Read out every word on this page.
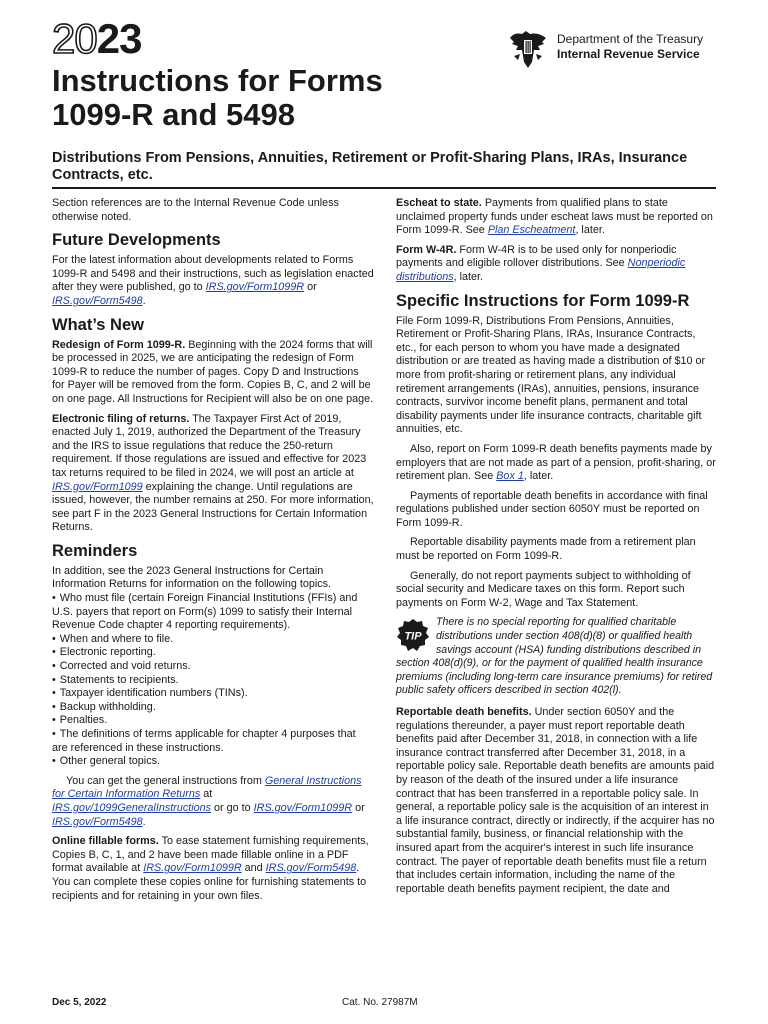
2023
Instructions for Forms
1099-R and 5498
Department of the Treasury
Internal Revenue Service

Distributions From Pensions, Annuities, Retirement or Profit-Sharing Plans, IRAs, Insurance Contracts, etc.

Section references are to the Internal Revenue Code unless otherwise noted.

Future Developments

For the latest information about developments related to Forms 1099-R and 5498 and their instructions, such as legislation enacted after they were published, go to IRS.gov/Form1099R or IRS.gov/Form5498.

What’s New

Redesign of Form 1099-R. Beginning with the 2024 forms that will be processed in 2025, we are anticipating the redesign of Form 1099-R to reduce the number of pages. Copy D and Instructions for Payer will be removed from the form. Copies B, C, and 2 will be on one page. All Instructions for Recipient will also be on one page.

Electronic filing of returns. The Taxpayer First Act of 2019, enacted July 1, 2019, authorized the Department of the Treasury and the IRS to issue regulations that reduce the 250-return requirement. If those regulations are issued and effective for 2023 tax returns required to be filed in 2024, we will post an article at IRS.gov/Form1099 explaining the change. Until regulations are issued, however, the number remains at 250. For more information, see part F in the 2023 General Instructions for Certain Information Returns.

Reminders

In addition, see the 2023 General Instructions for Certain Information Returns for information on the following topics.

• Who must file (certain Foreign Financial Institutions (FFIs) and U.S. payers that report on Form(s) 1099 to satisfy their Internal Revenue Code chapter 4 reporting requirements).
• When and where to file.
• Electronic reporting.
• Corrected and void returns.
• Statements to recipients.
• Taxpayer identification numbers (TINs).
• Backup withholding.
• Penalties.
• The definitions of terms applicable for chapter 4 purposes that are referenced in these instructions.
• Other general topics.

You can get the general instructions from General Instructions for Certain Information Returns at IRS.gov/1099GeneralInstructions or go to IRS.gov/Form1099R or IRS.gov/Form5498.

Online fillable forms. To ease statement furnishing requirements, Copies B, C, 1, and 2 have been made fillable online in a PDF format available at IRS.gov/Form1099R and IRS.gov/Form5498. You can complete these copies online for furnishing statements to recipients and for retaining in your own files.

Escheat to state. Payments from qualified plans to state unclaimed property funds under escheat laws must be reported on Form 1099-R. See Plan Escheatment, later.

Form W-4R. Form W-4R is to be used only for nonperiodic payments and eligible rollover distributions. See Nonperiodic distributions, later.

Specific Instructions for Form 1099-R

File Form 1099-R, Distributions From Pensions, Annuities, Retirement or Profit-Sharing Plans, IRAs, Insurance Contracts, etc., for each person to whom you have made a designated distribution or are treated as having made a distribution of $10 or more from profit-sharing or retirement plans, any individual retirement arrangements (IRAs), annuities, pensions, insurance contracts, survivor income benefit plans, permanent and total disability payments under life insurance contracts, charitable gift annuities, etc.

Also, report on Form 1099-R death benefits payments made by employers that are not made as part of a pension, profit-sharing, or retirement plan. See Box 1, later.

Payments of reportable death benefits in accordance with final regulations published under section 6050Y must be reported on Form 1099-R.

Reportable disability payments made from a retirement plan must be reported on Form 1099-R.

Generally, do not report payments subject to withholding of social security and Medicare taxes on this form. Report such payments on Form W-2, Wage and Tax Statement.

TIP
There is no special reporting for qualified charitable distributions under section 408(d)(8) or qualified health savings account (HSA) funding distributions described in section 408(d)(9), or for the payment of qualified health insurance premiums (including long-term care insurance premiums) for retired public safety officers described in section 402(l).

Reportable death benefits. Under section 6050Y and the regulations thereunder, a payer must report reportable death benefits paid after December 31, 2018, in connection with a life insurance contract transferred after December 31, 2018, in a reportable policy sale. Reportable death benefits are amounts paid by reason of the death of the insured under a life insurance contract that has been transferred in a reportable policy sale. In general, a reportable policy sale is the acquisition of an interest in a life insurance contract, directly or indirectly, if the acquirer has no substantial family, business, or financial relationship with the insured apart from the acquirer's interest in such life insurance contract. The payer of reportable death benefits must file a return that includes certain information, including the name of the reportable death benefits payment recipient, the date and

Dec 5, 2022	Cat. No. 27987M
